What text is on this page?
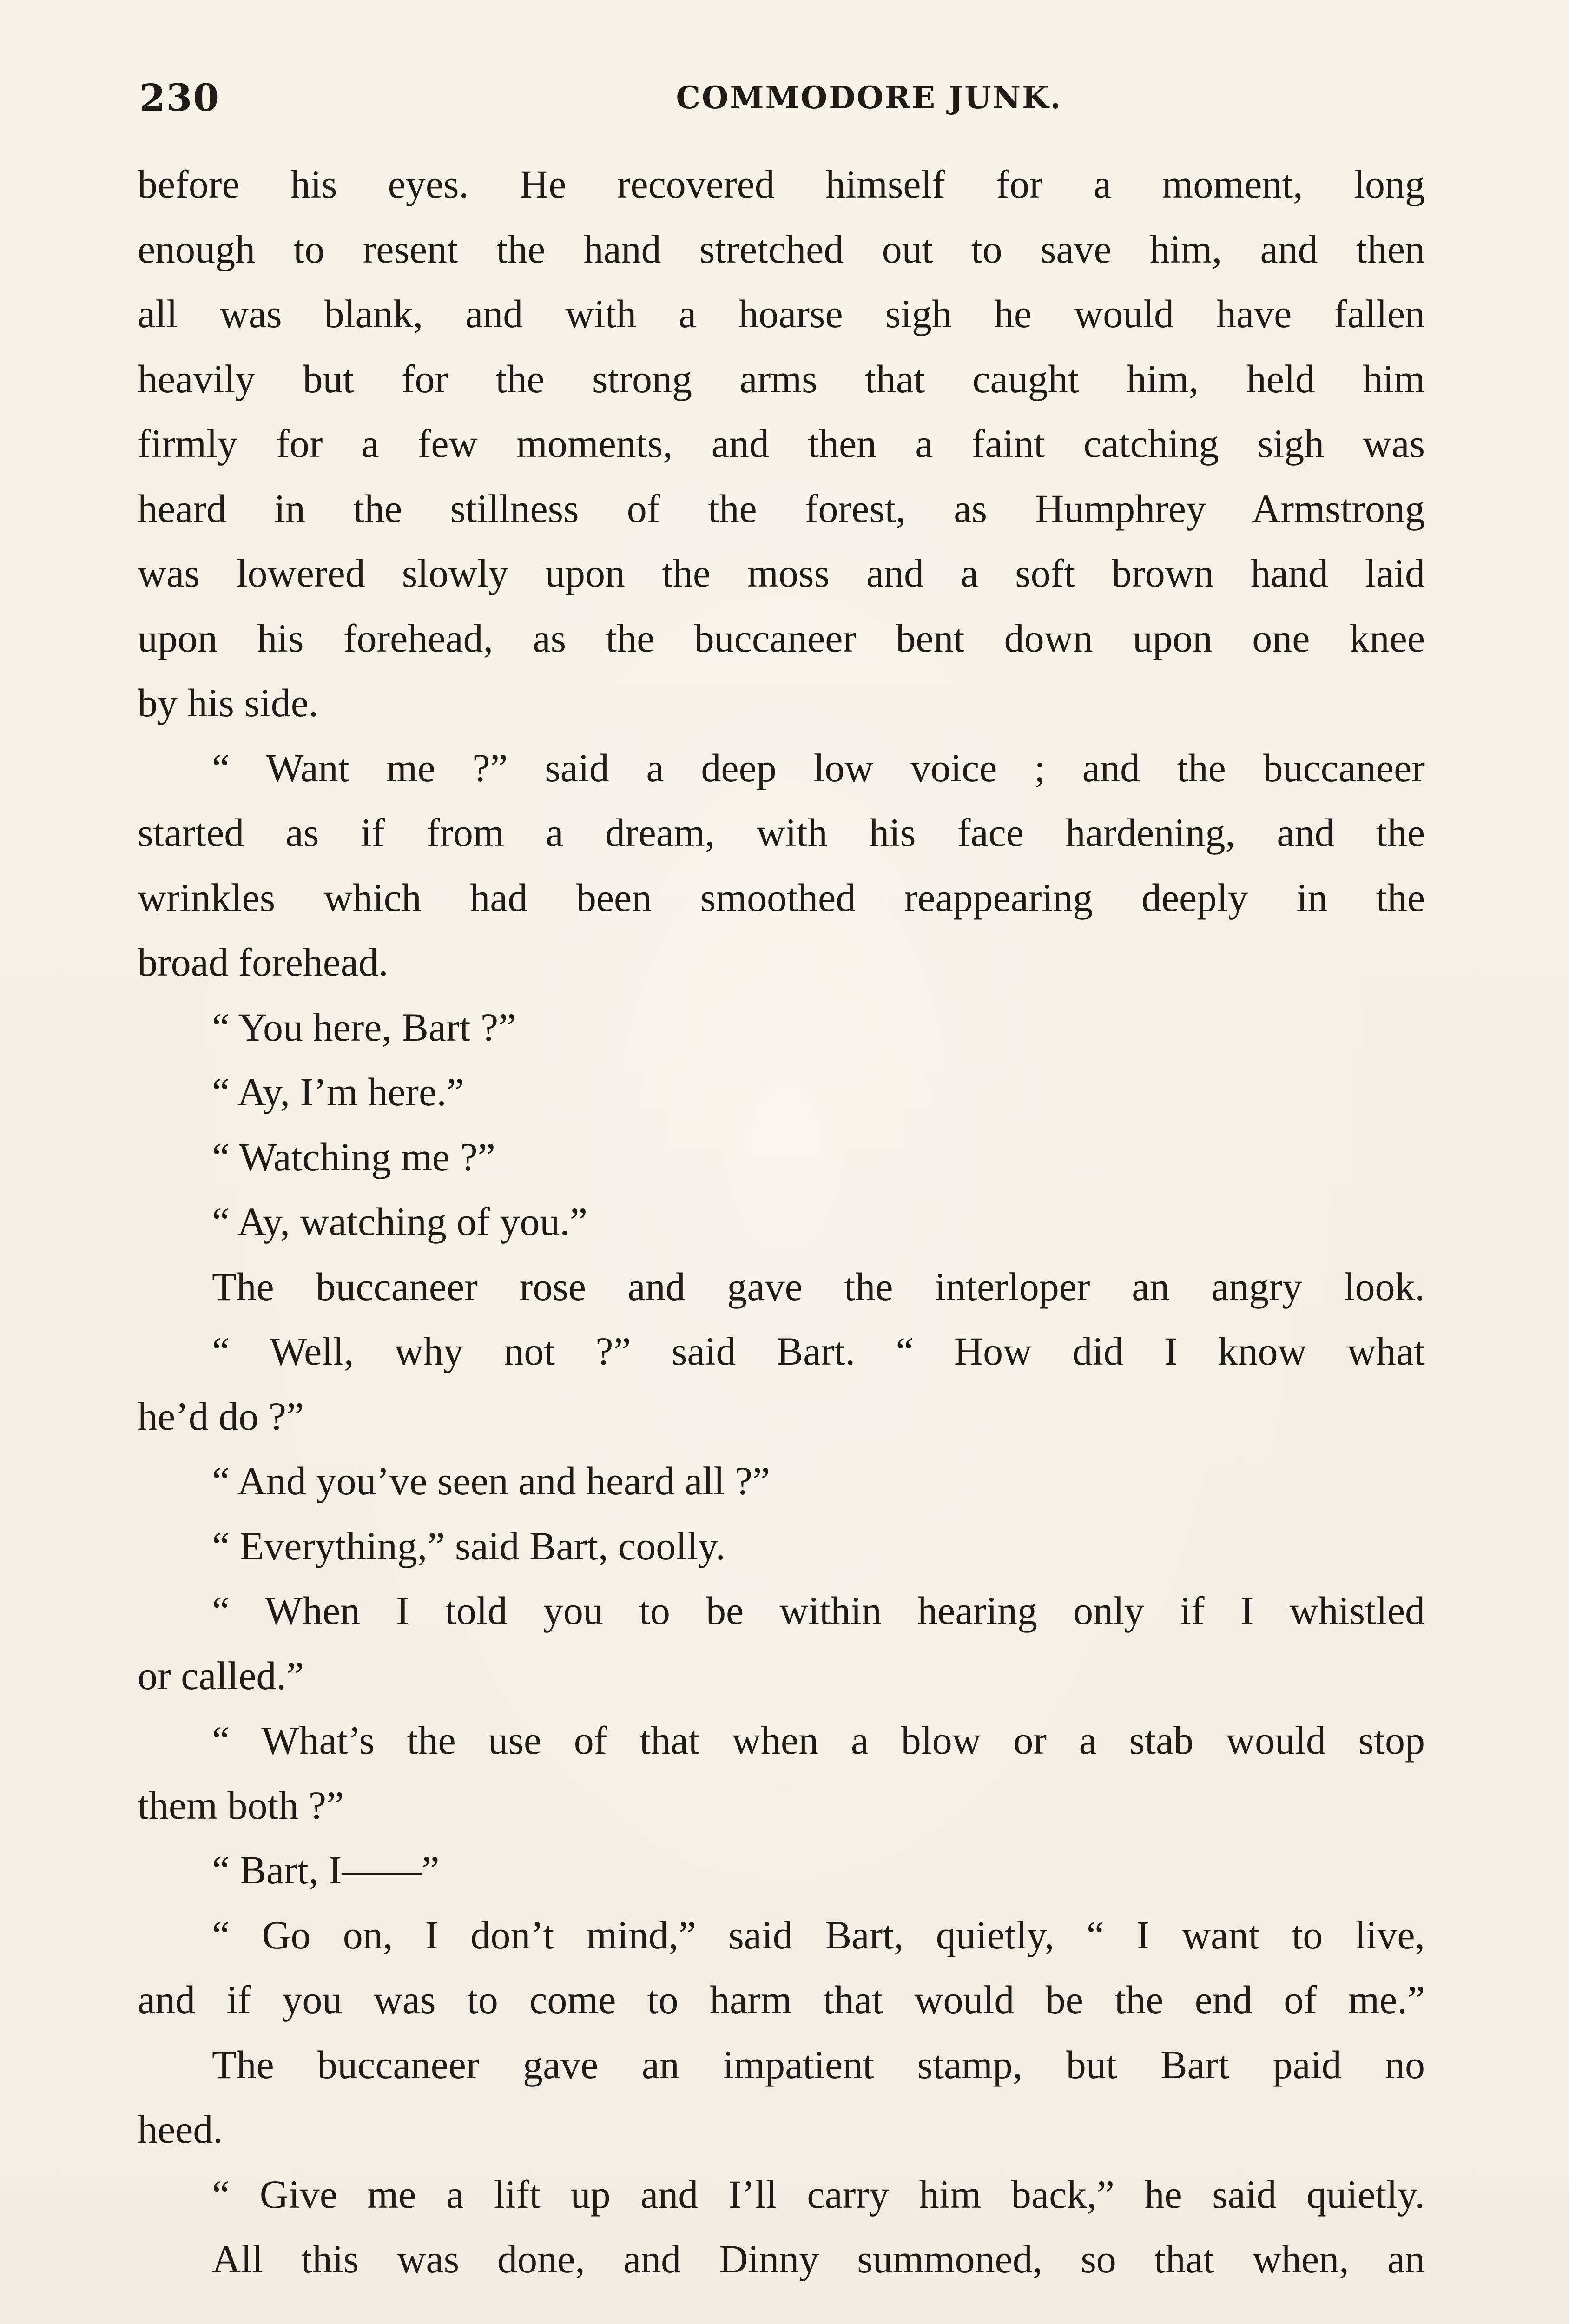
230	COMMODORE JUNK.
before his eyes. He recovered himself for a moment, long
enough to resent the hand stretched out to save him, and then
all was blank, and with a hoarse sigh he would have fallen
heavily but for the strong arms that caught him, held him
firmly for a few moments, and then a faint catching sigh was
heard in the stillness of the forest, as Humphrey Armstrong
was lowered slowly upon the moss and a soft brown hand laid
upon his forehead, as the buccaneer bent down upon one knee
by his side.
“ Want me ?” said a deep low voice ; and the buccaneer
started as if from a dream, with his face hardening, and the
wrinkles which had been smoothed reappearing deeply in the
broad forehead.
“ You here, Bart ?”
“ Ay, I’m here.”
“ Watching me ?”
“ Ay, watching of you.”
The buccaneer rose and gave the interloper an angry look.
“ Well, why not ?” said Bart. “ How did I know what
he’d do ?”
“ And you’ve seen and heard all ?”
“ Everything,” said Bart, coolly.
“ When I told you to be within hearing only if I whistled
or called.”
“ What’s the use of that when a blow or a stab would stop
them both ?”
“ Bart, I——”
“ Go on, I don’t mind,” said Bart, quietly, “ I want to live,
and if you was to come to harm that would be the end of me.”
The buccaneer gave an impatient stamp, but Bart paid no
heed.
“ Give me a lift up and I’ll carry him back,” he said quietly.
All this was done, and Dinny summoned, so that when, an
